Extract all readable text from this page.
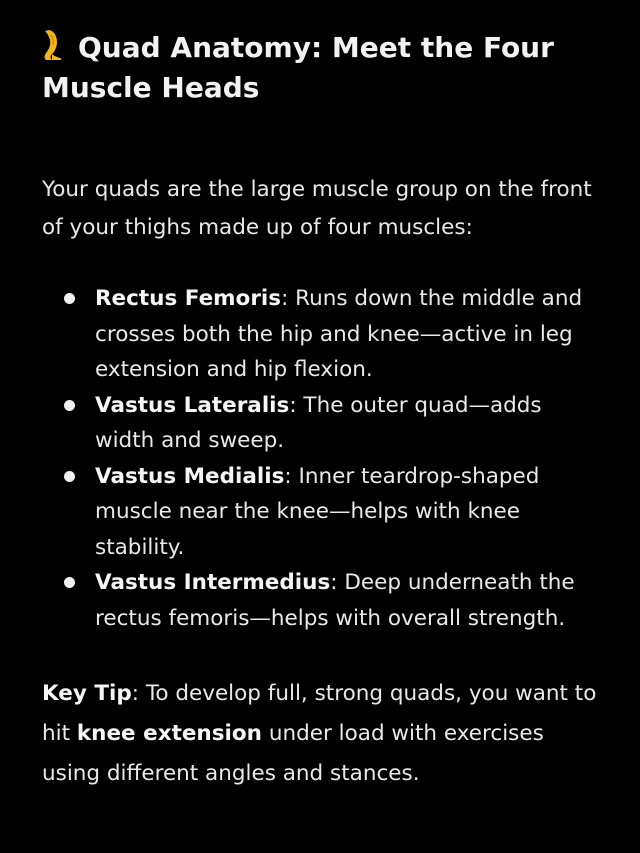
Quad Anatomy: Meet the Four Muscle Heads

Your quads are the large muscle group on the front of your thighs made up of four muscles:

Rectus Femoris: Runs down the middle and crosses both the hip and knee—active in leg extension and hip flexion.
Vastus Lateralis: The outer quad—adds width and sweep.
Vastus Medialis: Inner teardrop-shaped muscle near the knee—helps with knee stability.
Vastus Intermedius: Deep underneath the rectus femoris—helps with overall strength.

Key Tip: To develop full, strong quads, you want to hit knee extension under load with exercises using different angles and stances.
